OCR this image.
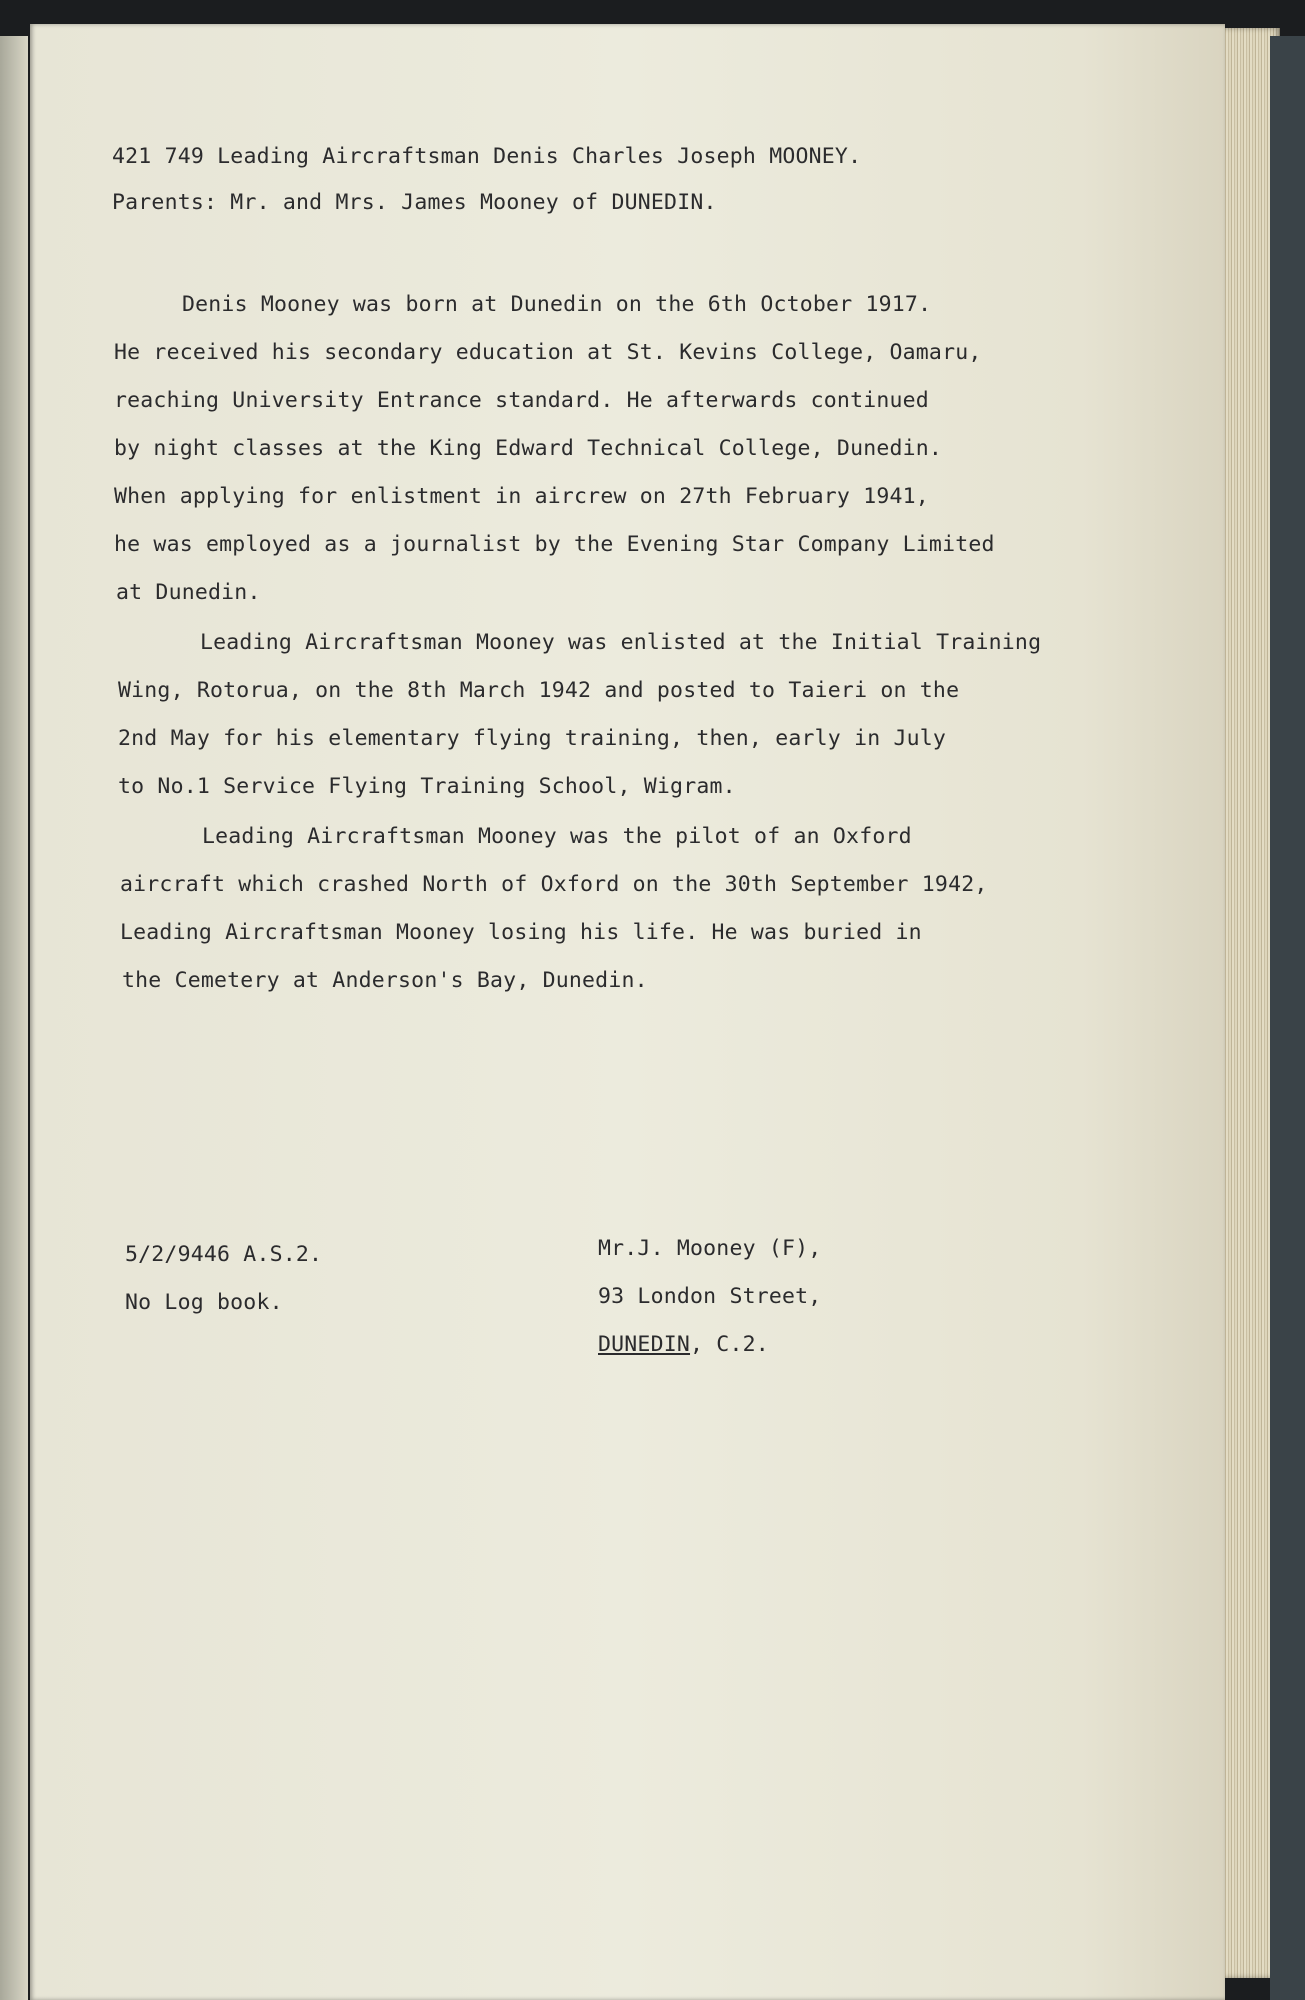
421 749 Leading Aircraftsman Denis Charles Joseph MOONEY.
Parents: Mr. and Mrs. James Mooney of DUNEDIN.
Denis Mooney was born at Dunedin on the 6th October 1917.
He received his secondary education at St. Kevins College, Oamaru,
reaching University Entrance standard. He afterwards continued
by night classes at the King Edward Technical College, Dunedin.
When applying for enlistment in aircrew on 27th February 1941,
he was employed as a journalist by the Evening Star Company Limited
at Dunedin.
Leading Aircraftsman Mooney was enlisted at the Initial Training
Wing, Rotorua, on the 8th March 1942 and posted to Taieri on the
2nd May for his elementary flying training, then, early in July
to No.1 Service Flying Training School, Wigram.
Leading Aircraftsman Mooney was the pilot of an Oxford
aircraft which crashed North of Oxford on the 30th September 1942,
Leading Aircraftsman Mooney losing his life. He was buried in
the Cemetery at Anderson's Bay, Dunedin.
5/2/9446 A.S.2.
No Log book.
Mr.J. Mooney (F),
93 London Street,
DUNEDIN, C.2.
